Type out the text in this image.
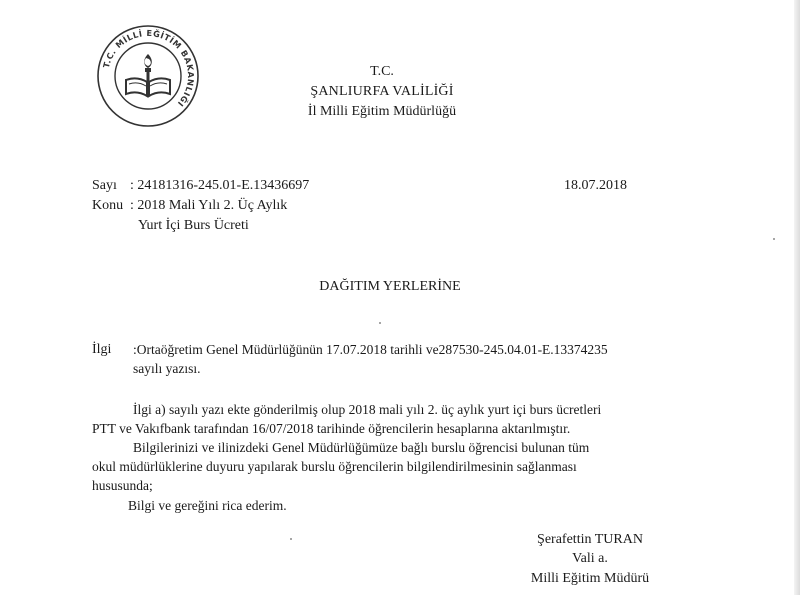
T.C. MİLLİ EĞİTİM BAKANLIĞI
T.C.
ŞANLIURFA VALİLİĞİ
İl Milli Eğitim Müdürlüğü
Sayı : 24181316-245.01-E.13436697	18.07.2018
Konu : 2018 Mali Yılı 2. Üç Aylık
Yurt İçi Burs Ücreti
DAĞITIM YERLERİNE
İlgi :Ortaöğretim Genel Müdürlüğünün 17.07.2018 tarihli ve287530-245.04.01-E.13374235
sayılı yazısı.
İlgi a) sayılı yazı ekte gönderilmiş olup 2018 mali yılı 2. üç aylık yurt içi burs ücretleri
PTT ve Vakıfbank tarafından 16/07/2018 tarihinde öğrencilerin hesaplarına aktarılmıştır.
Bilgilerinizi ve ilinizdeki Genel Müdürlüğümüze bağlı burslu öğrencisi bulunan tüm
okul müdürlüklerine duyuru yapılarak burslu öğrencilerin bilgilendirilmesinin sağlanması
hususunda;
Bilgi ve gereğini rica ederim.
Şerafettin TURAN
Vali a.
Milli Eğitim Müdürü
